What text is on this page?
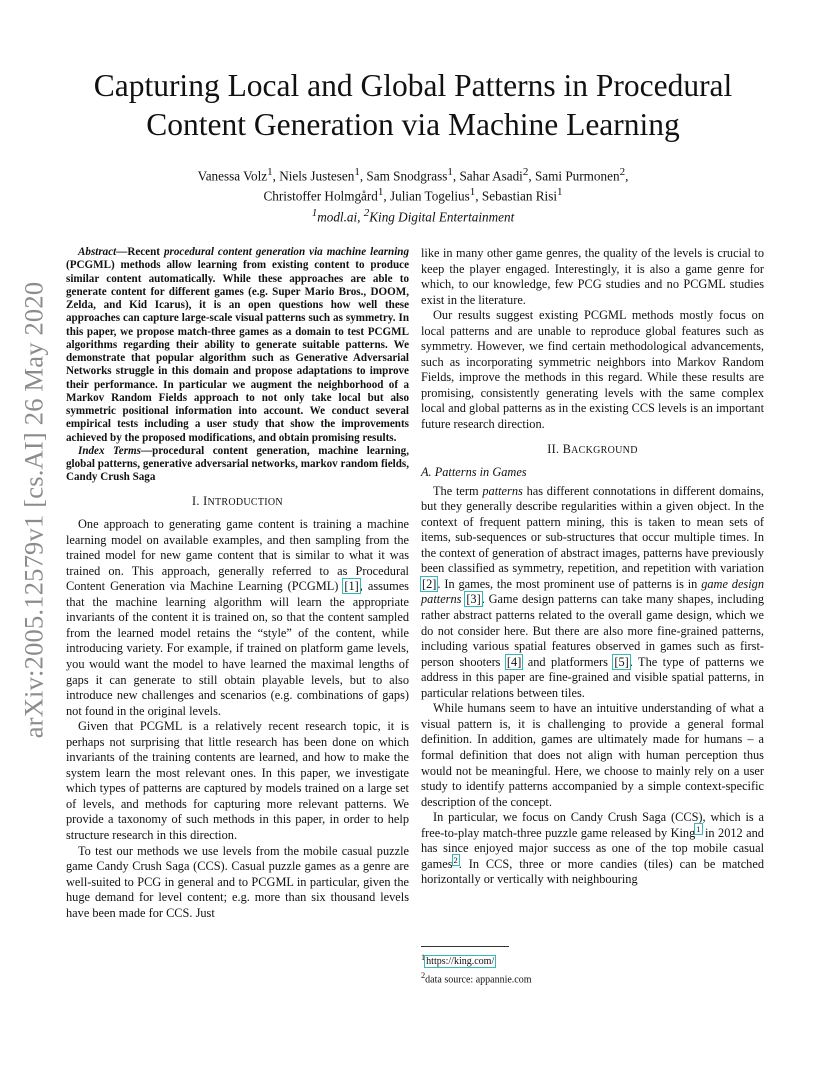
arXiv:2005.12579v1 [cs.AI] 26 May 2020
Capturing Local and Global Patterns in Procedural
Content Generation via Machine Learning
Vanessa Volz$^1$, Niels Justesen$^1$, Sam Snodgrass$^1$, Sahar Asadi$^2$, Sami Purmonen$^2$,
Christoffer Holmgård$^1$, Julian Togelius$^1$, Sebastian Risi$^1$
$^1$modl.ai, $^2$King Digital Entertainment

Abstract—Recent procedural content generation via machine learning (PCGML) methods allow learning from existing content to produce similar content automatically. While these approaches are able to generate content for different games (e.g. Super Mario Bros., DOOM, Zelda, and Kid Icarus), it is an open questions how well these approaches can capture large-scale visual patterns such as symmetry. In this paper, we propose match-three games as a domain to test PCGML algorithms regarding their ability to generate suitable patterns. We demonstrate that popular algorithm such as Generative Adversarial Networks struggle in this domain and propose adaptations to improve their performance. In particular we augment the neighborhood of a Markov Random Fields approach to not only take local but also symmetric positional information into account. We conduct several empirical tests including a user study that show the improvements achieved by the proposed modifications, and obtain promising results.

Index Terms—procedural content generation, machine learning, global patterns, generative adversarial networks, markov random fields, Candy Crush Saga

I. INTRODUCTION

One approach to generating game content is training a machine learning model on available examples, and then sampling from the trained model for new game content that is similar to what it was trained on. This approach, generally referred to as Procedural Content Generation via Machine Learning (PCGML) [1], assumes that the machine learning algorithm will learn the appropriate invariants of the content it is trained on, so that the content sampled from the learned model retains the “style” of the content, while introducing variety. For example, if trained on platform game levels, you would want the model to have learned the maximal lengths of gaps it can generate to still obtain playable levels, but to also introduce new challenges and scenarios (e.g. combinations of gaps) not found in the original levels.

Given that PCGML is a relatively recent research topic, it is perhaps not surprising that little research has been done on which invariants of the training contents are learned, and how to make the system learn the most relevant ones. In this paper, we investigate which types of patterns are captured by models trained on a large set of levels, and methods for capturing more relevant patterns. We provide a taxonomy of such methods in this paper, in order to help structure research in this direction.

To test our methods we use levels from the mobile casual puzzle game Candy Crush Saga (CCS). Casual puzzle games as a genre are well-suited to PCG in general and to PCGML in particular, given the huge demand for level content; e.g. more than six thousand levels have been made for CCS. Just

like in many other game genres, the quality of the levels is crucial to keep the player engaged. Interestingly, it is also a game genre for which, to our knowledge, few PCG studies and no PCGML studies exist in the literature.

Our results suggest existing PCGML methods mostly focus on local patterns and are unable to reproduce global features such as symmetry. However, we find certain methodological advancements, such as incorporating symmetric neighbors into Markov Random Fields, improve the methods in this regard. While these results are promising, consistently generating levels with the same complex local and global patterns as in the existing CCS levels is an important future research direction.

II. BACKGROUND
A. Patterns in Games

The term patterns has different connotations in different domains, but they generally describe regularities within a given object. In the context of frequent pattern mining, this is taken to mean sets of items, sub-sequences or sub-structures that occur multiple times. In the context of generation of abstract images, patterns have previously been classified as symmetry, repetition, and repetition with variation [2]. In games, the most prominent use of patterns is in game design patterns [3]. Game design patterns can take many shapes, including rather abstract patterns related to the overall game design, which we do not consider here. But there are also more fine-grained patterns, including various spatial features observed in games such as first-person shooters [4] and platformers [5]. The type of patterns we address in this paper are fine-grained and visible spatial patterns, in particular relations between tiles.

While humans seem to have an intuitive understanding of what a visual pattern is, it is challenging to provide a general formal definition. In addition, games are ultimately made for humans – a formal definition that does not align with human perception thus would not be meaningful. Here, we choose to mainly rely on a user study to identify patterns accompanied by a simple context-specific description of the concept.

In particular, we focus on Candy Crush Saga (CCS), which is a free-to-play match-three puzzle game released by King$^1$ in 2012 and has since enjoyed major success as one of the top mobile casual games$^2$. In CCS, three or more candies (tiles) can be matched horizontally or vertically with neighbouring

$^1$https://king.com/
$^2$data source: appannie.com
